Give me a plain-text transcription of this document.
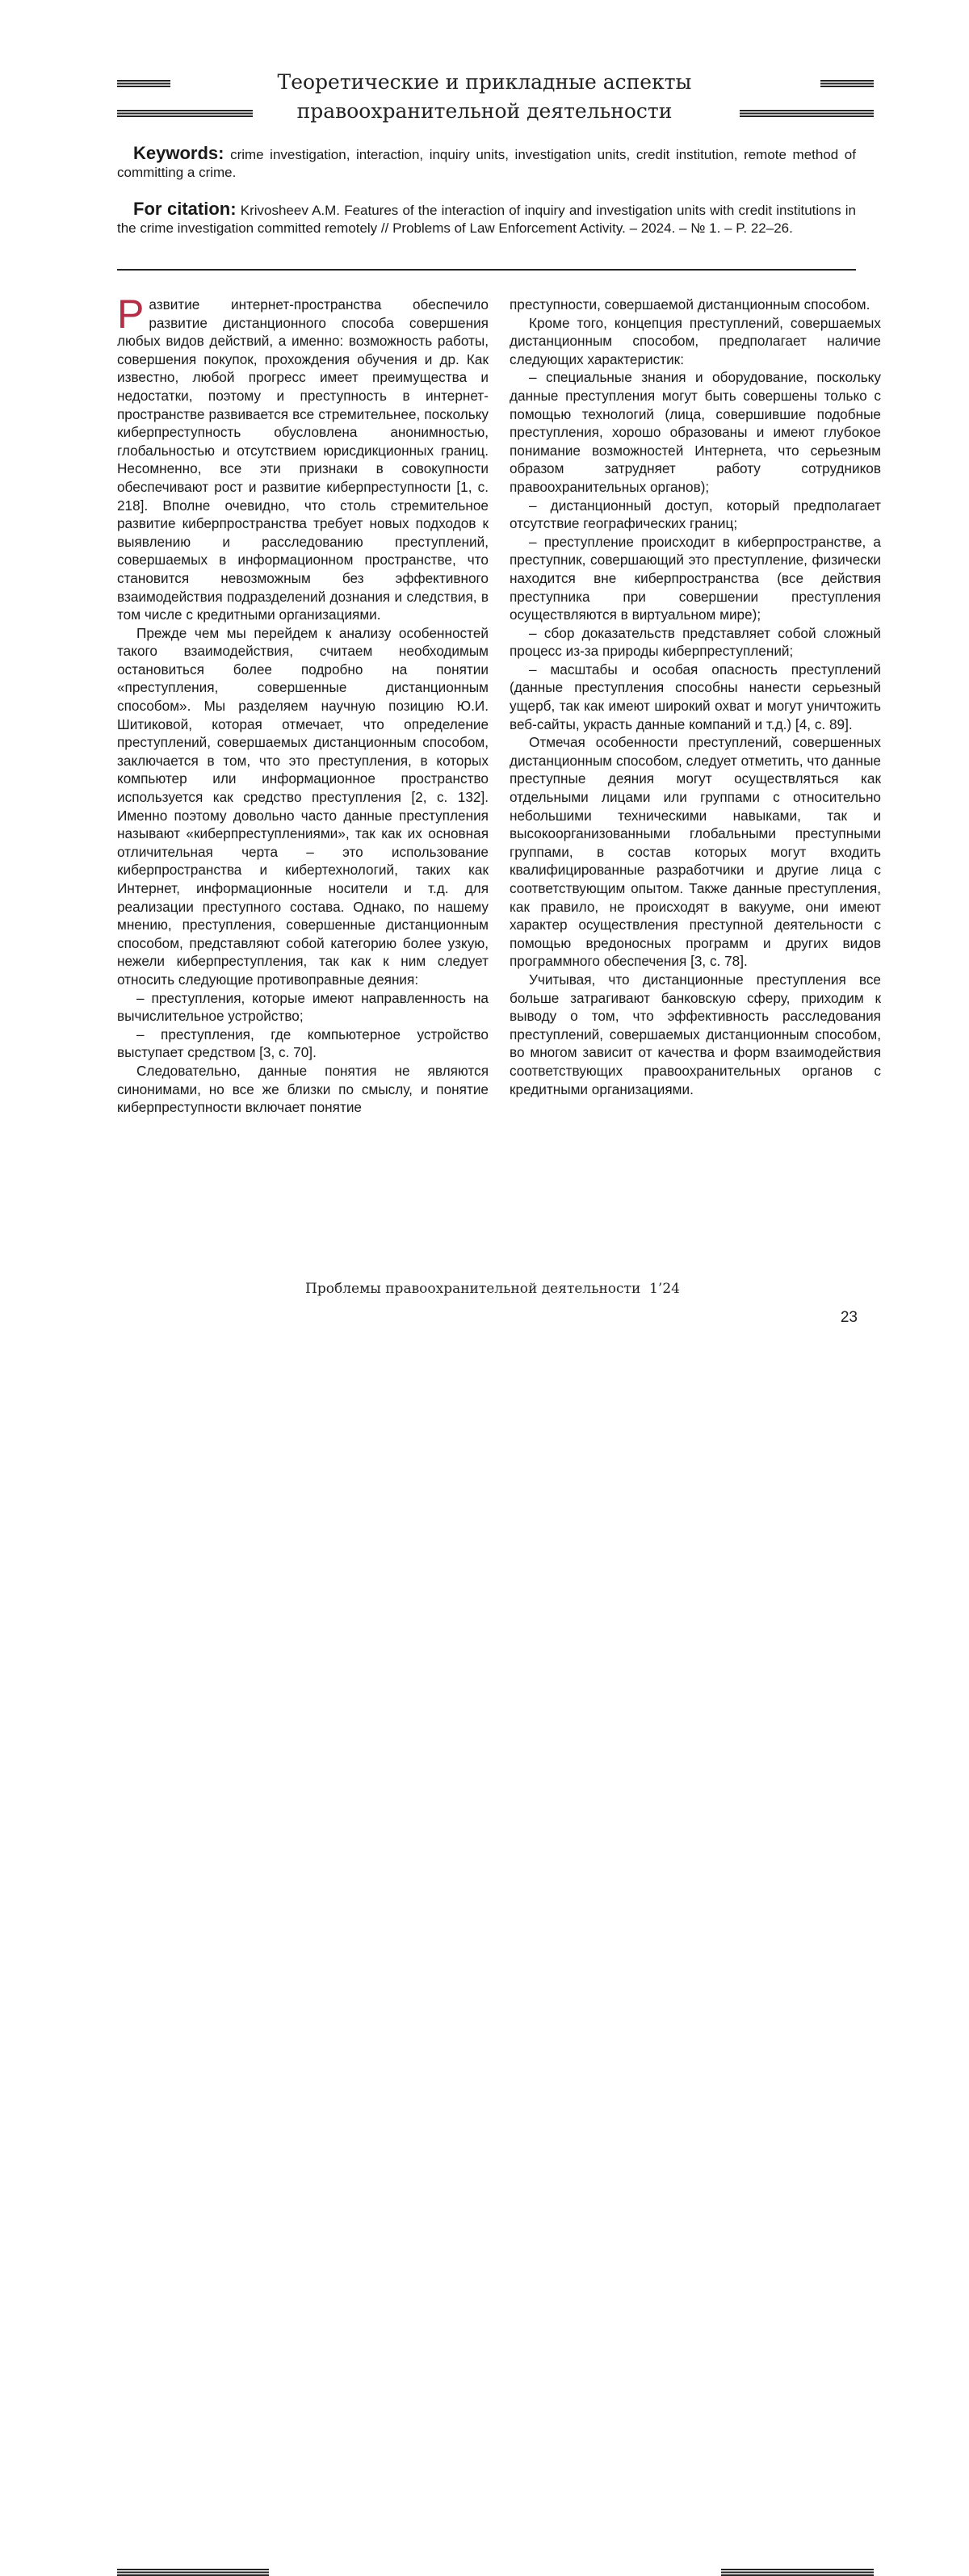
Теоретические и прикладные аспекты
правоохранительной деятельности
Keywords: crime investigation, interaction, inquiry units, investigation units, credit institution, remote method of committing a crime.
For citation: Krivosheev A.M. Features of the interaction of inquiry and investigation units with credit institutions in the crime investigation committed remotely // Problems of Law Enforcement Activity. – 2024. – № 1. – P. 22–26.

Развитие интернет-пространства обеспечило развитие дистанционного способа совершения любых видов действий, а именно: возможность работы, совершения покупок, прохождения обучения и др. Как известно, любой прогресс имеет преимущества и недостатки, поэтому и преступность в интернет-пространстве развивается все стремительнее, поскольку киберпреступность обусловлена анонимностью, глобальностью и отсутствием юрисдикционных границ. Несомненно, все эти признаки в совокупности обеспечивают рост и развитие киберпреступности [1, с. 218]. Вполне очевидно, что столь стремительное развитие киберпространства требует новых подходов к выявлению и расследованию преступлений, совершаемых в информационном пространстве, что становится невозможным без эффективного взаимодействия подразделений дознания и следствия, в том числе с кредитными организациями.

Прежде чем мы перейдем к анализу особенностей такого взаимодействия, считаем необходимым остановиться более подробно на понятии «преступления, совершенные дистанционным способом». Мы разделяем научную позицию Ю.И. Шитиковой, которая отмечает, что определение преступлений, совершаемых дистанционным способом, заключается в том, что это преступления, в которых компьютер или информационное пространство используется как средство преступления [2, с. 132]. Именно поэтому довольно часто данные преступления называют «киберпреступлениями», так как их основная отличительная черта – это использование киберпространства и кибертехнологий, таких как Интернет, информационные носители и т.д. для реализации преступного состава. Однако, по нашему мнению, преступления, совершенные дистанционным способом, представляют собой категорию более узкую, нежели киберпреступления, так как к ним следует относить следующие противоправные деяния:

– преступления, которые имеют направленность на вычислительное устройство;

– преступления, где компьютерное устройство выступает средством [3, с. 70].

Следовательно, данные понятия не являются синонимами, но все же близки по смыслу, и понятие киберпреступности включает понятие

преступности, совершаемой дистанционным способом.

Кроме того, концепция преступлений, совершаемых дистанционным способом, предполагает наличие следующих характеристик:

– специальные знания и оборудование, поскольку данные преступления могут быть совершены только с помощью технологий (лица, совершившие подобные преступления, хорошо образованы и имеют глубокое понимание возможностей Интернета, что серьезным образом затрудняет работу сотрудников правоохранительных органов);

– дистанционный доступ, который предполагает отсутствие географических границ;

– преступление происходит в киберпространстве, а преступник, совершающий это преступление, физически находится вне киберпространства (все действия преступника при совершении преступления осуществляются в виртуальном мире);

– сбор доказательств представляет собой сложный процесс из-за природы киберпреступлений;

– масштабы и особая опасность преступлений (данные преступления способны нанести серьезный ущерб, так как имеют широкий охват и могут уничтожить веб-сайты, украсть данные компаний и т.д.) [4, с. 89].

Отмечая особенности преступлений, совершенных дистанционным способом, следует отметить, что данные преступные деяния могут осуществляться как отдельными лицами или группами с относительно небольшими техническими навыками, так и высокоорганизованными глобальными преступными группами, в состав которых могут входить квалифицированные разработчики и другие лица с соответствующим опытом. Также данные преступления, как правило, не происходят в вакууме, они имеют характер осуществления преступной деятельности с помощью вредоносных программ и других видов программного обеспечения [3, с. 78].

Учитывая, что дистанционные преступления все больше затрагивают банковскую сферу, приходим к выводу о том, что эффективность расследования преступлений, совершаемых дистанционным способом, во многом зависит от качества и форм взаимодействия соответствующих правоохранительных органов с кредитными организациями.

Проблемы правоохранительной деятельности 1’24
23
